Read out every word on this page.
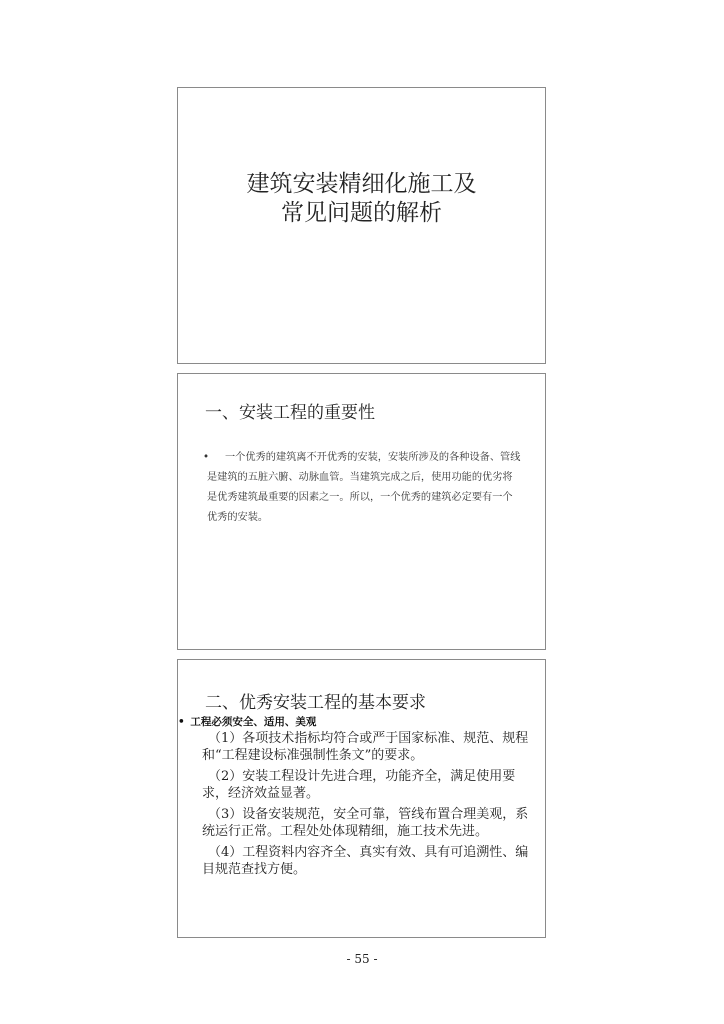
建筑安装精细化施工及
常见问题的解析
一、安装工程的重要性
•	一个优秀的建筑离不开优秀的安装，安装所涉及的各种设备、管线是建筑的五脏六腑、动脉血管。当建筑完成之后，使用功能的优劣将是优秀建筑最重要的因素之一。所以，一个优秀的建筑必定要有一个优秀的安装。

二、优秀安装工程的基本要求
• 工程必须安全、适用、美观

（1）各项技术指标均符合或严于国家标准、规范、规程和“工程建设标准强制性条文”的要求。

（2）安装工程设计先进合理，功能齐全，满足使用要求，经济效益显著。

（3）设备安装规范，安全可靠，管线布置合理美观，系统运行正常。工程处处体现精细，施工技术先进。

（4）工程资料内容齐全、真实有效、具有可追溯性、编目规范查找方便。

- 55 -
